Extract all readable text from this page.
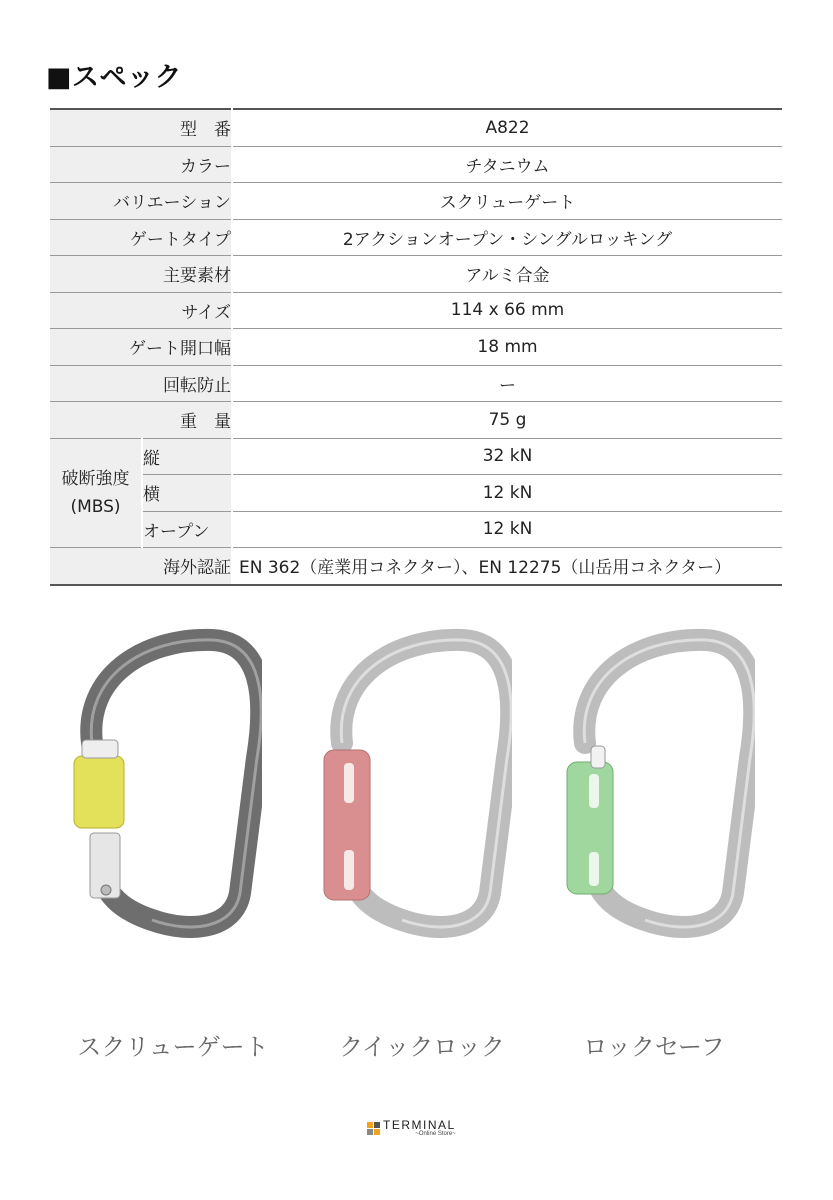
■スペック
型　番		A822
カラー		チタニウム
バリエーション		スクリューゲート
ゲートタイプ		2アクションオープン・シングルロッキング
主要素材		アルミ合金
サイズ		114 x 66 mm
ゲート開口幅		18 mm
回転防止		ー
重　量		75 g

破断強度
(MBS)	縦	32 kN
	横	12 kN
	オープン	12 kN
海外認証		EN 362（産業用コネクター）、EN 12275（山岳用コネクター）
スクリューゲート	クイックロック	ロックセーフ
TERMINAL
~Online Store~
